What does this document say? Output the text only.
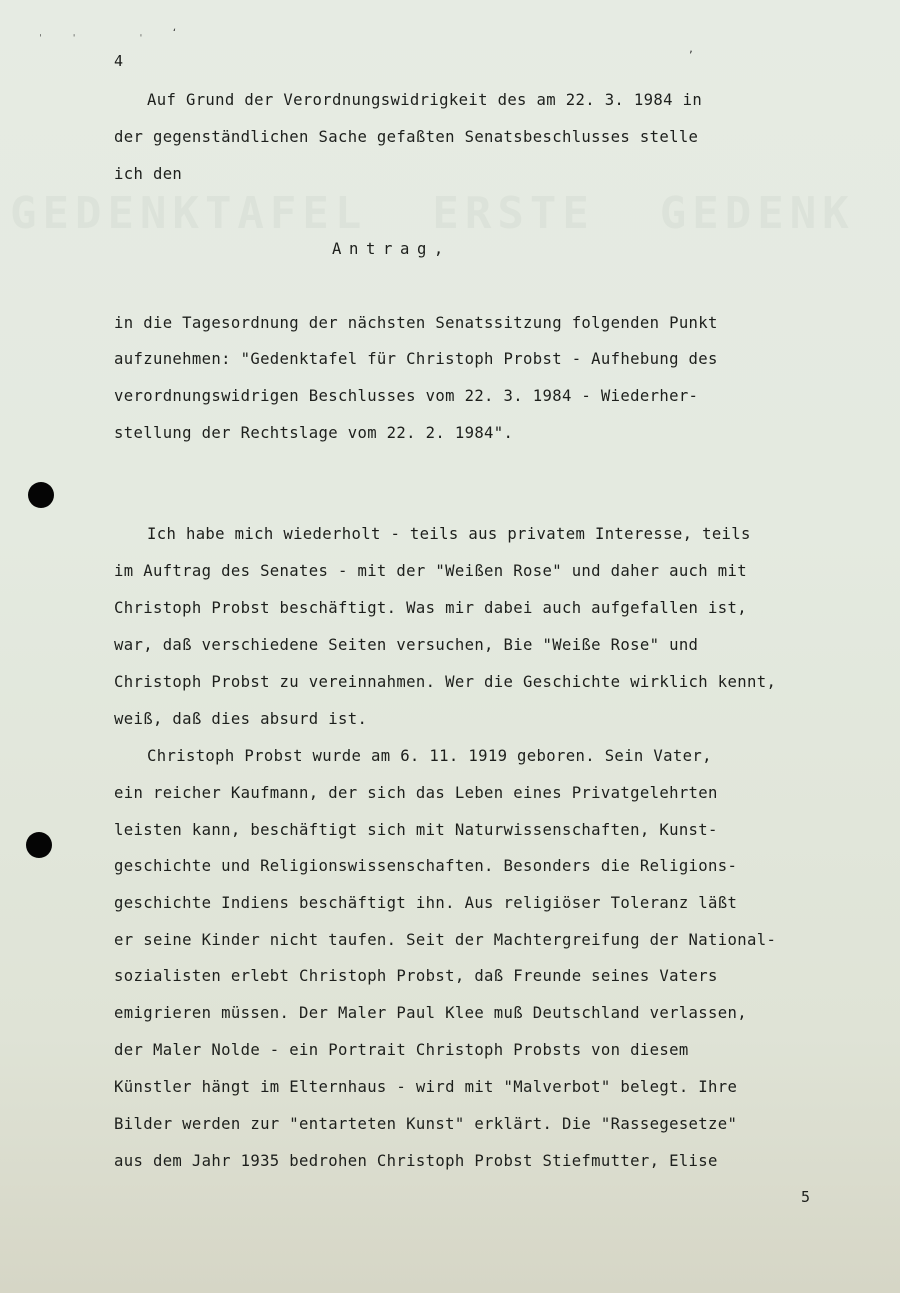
GEDENKTAFEL  ERSTE  GEDENK
ˌˌ ˌʻ
,
4
Auf Grund der Verordnungswidrigkeit des am 22. 3. 1984 in
der gegenständlichen Sache gefaßten Senatsbeschlusses stelle
ich den
Antrag,
in die Tagesordnung der nächsten Senatssitzung folgenden Punkt
aufzunehmen: "Gedenktafel für Christoph Probst - Aufhebung des
verordnungswidrigen Beschlusses vom 22. 3. 1984 - Wiederher-
stellung der Rechtslage vom 22. 2. 1984".
Ich habe mich wiederholt - teils aus privatem Interesse, teils
im Auftrag des Senates - mit der "Weißen Rose" und daher auch mit
Christoph Probst beschäftigt. Was mir dabei auch aufgefallen ist,
war, daß verschiedene Seiten versuchen, Bie "Weiße Rose" und
Christoph Probst zu vereinnahmen. Wer die Geschichte wirklich kennt,
weiß, daß dies absurd ist.
Christoph Probst wurde am 6. 11. 1919 geboren. Sein Vater,
ein reicher Kaufmann, der sich das Leben eines Privatgelehrten
leisten kann, beschäftigt sich mit Naturwissenschaften, Kunst-
geschichte und Religionswissenschaften. Besonders die Religions-
geschichte Indiens beschäftigt ihn. Aus religiöser Toleranz läßt
er seine Kinder nicht taufen. Seit der Machtergreifung der National-
sozialisten erlebt Christoph Probst, daß Freunde seines Vaters
emigrieren müssen. Der Maler Paul Klee muß Deutschland verlassen,
der Maler Nolde - ein Portrait Christoph Probsts von diesem
Künstler hängt im Elternhaus - wird mit "Malverbot" belegt. Ihre
Bilder werden zur "entarteten Kunst" erklärt. Die "Rassegesetze"
aus dem Jahr 1935 bedrohen Christoph Probst Stiefmutter, Elise
5
